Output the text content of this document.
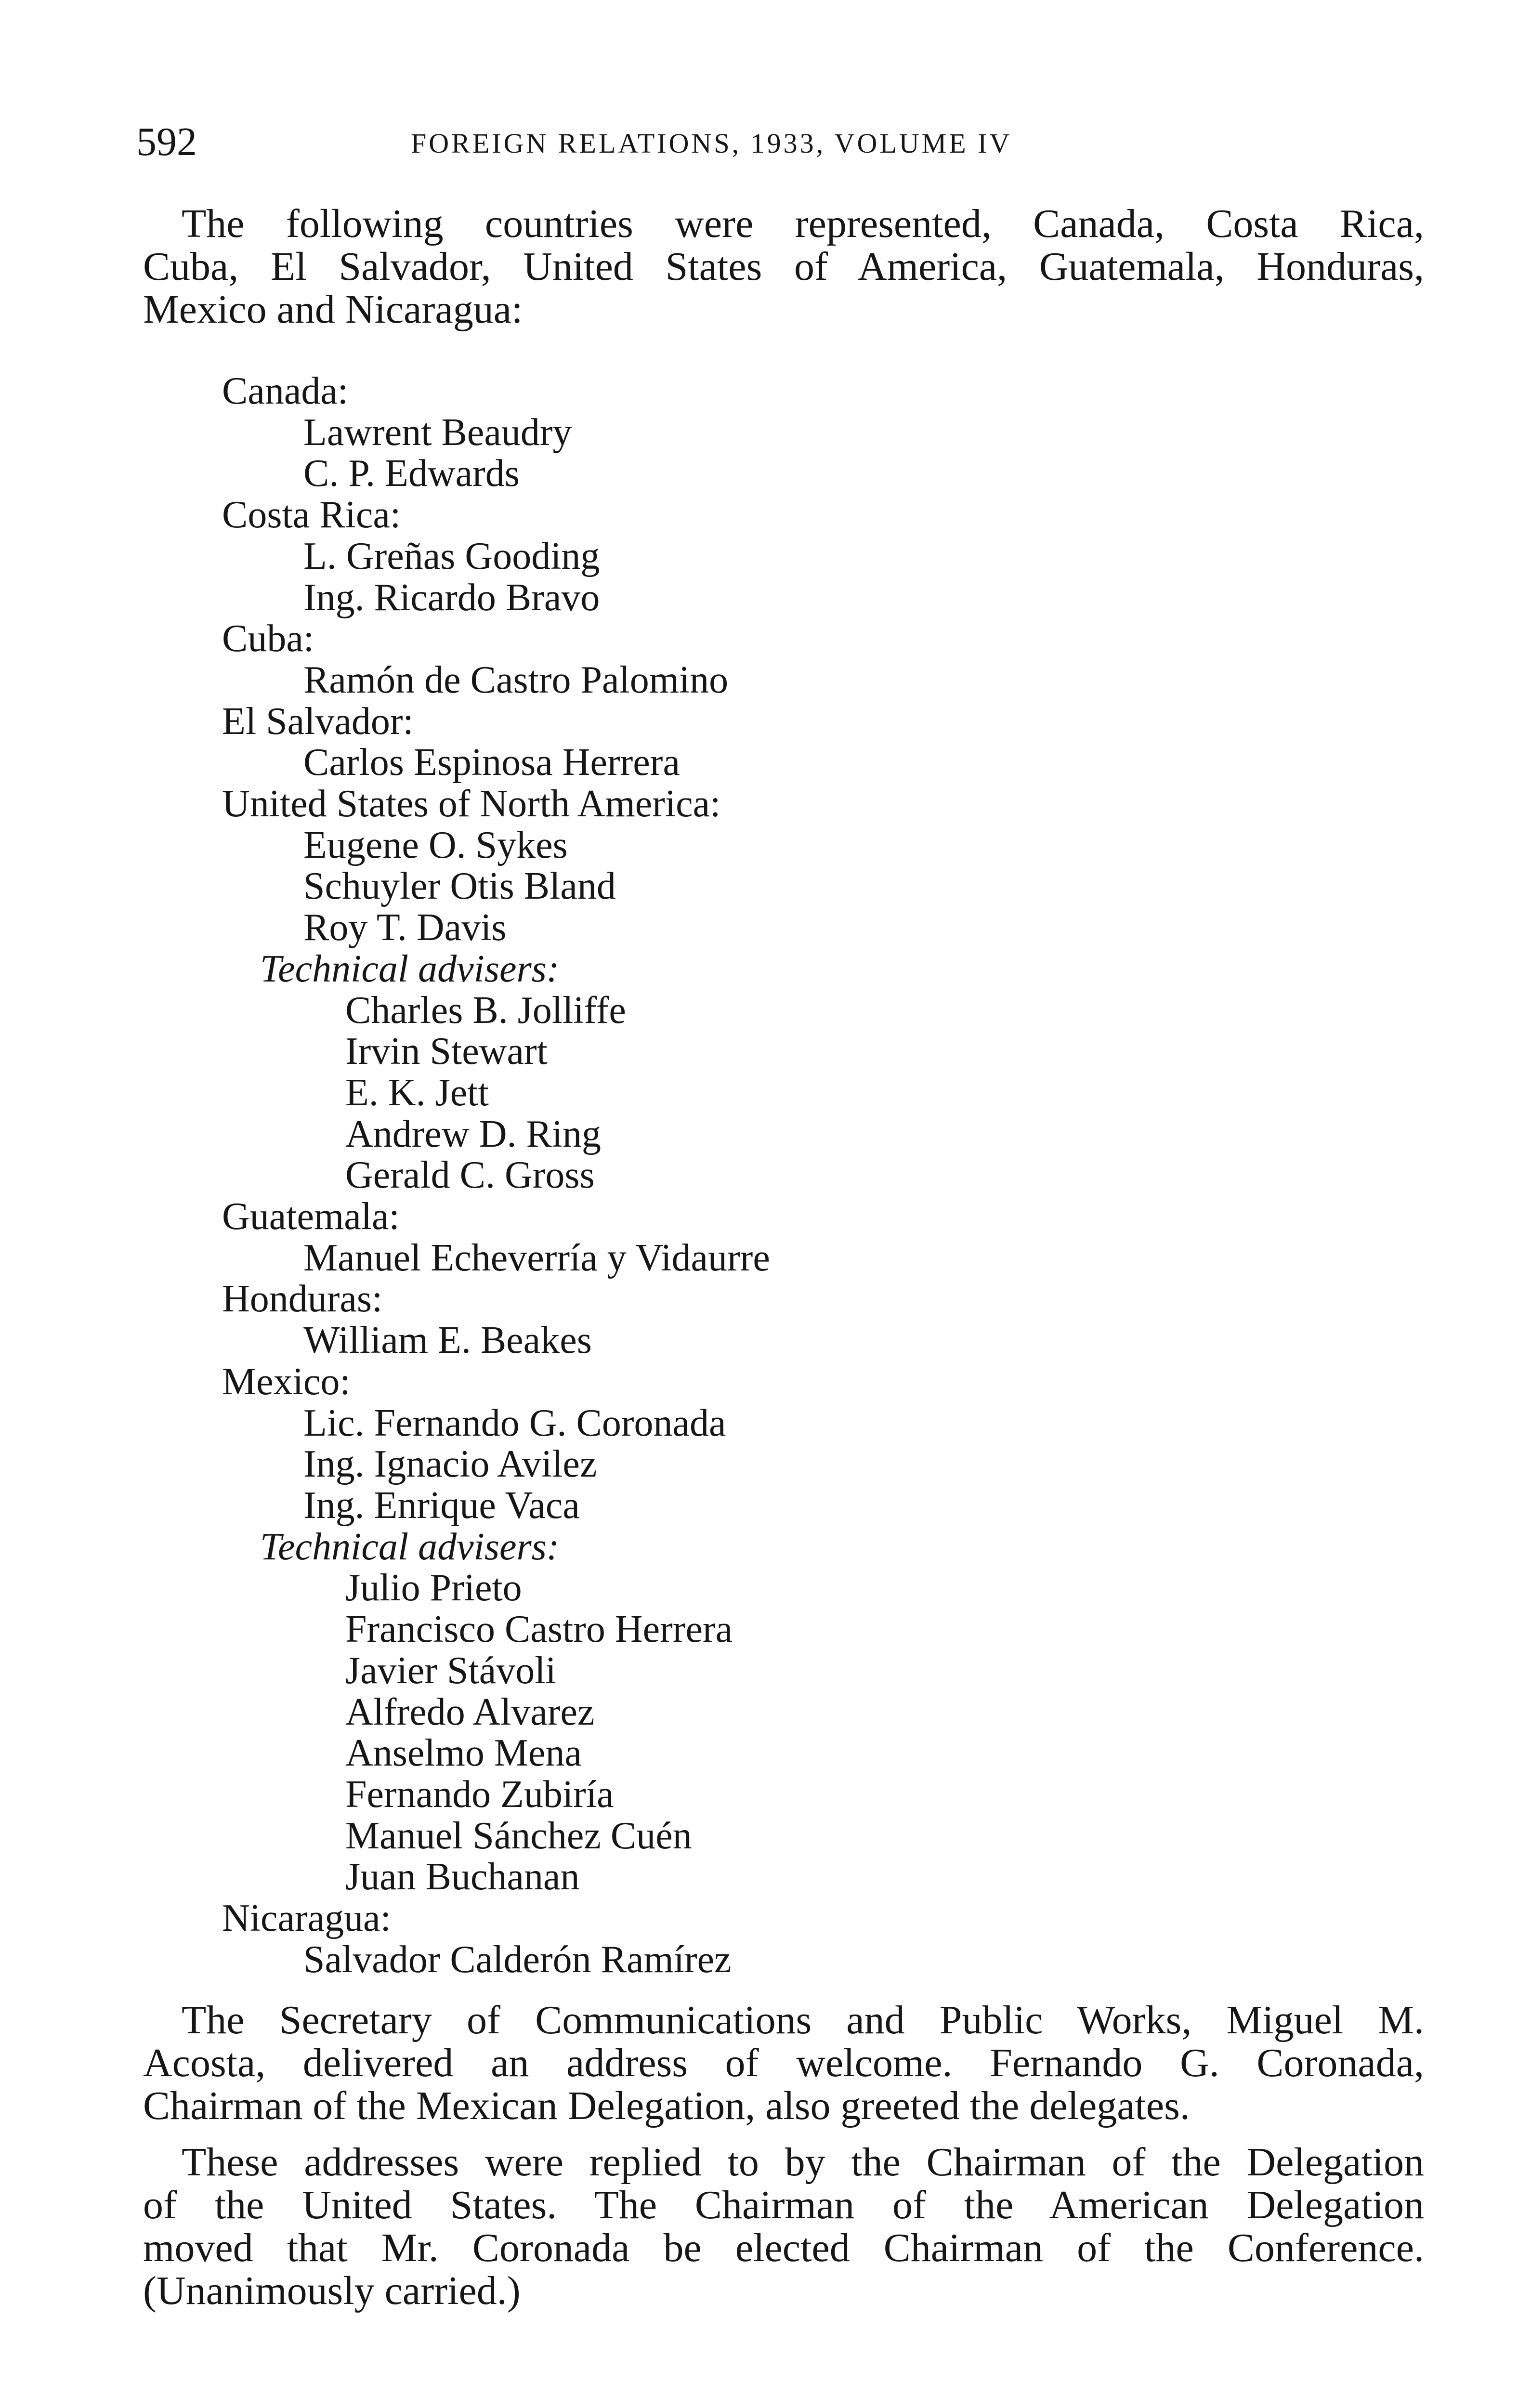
592	FOREIGN RELATIONS, 1933, VOLUME IV

The following countries were represented, Canada, Costa Rica,
Cuba, El Salvador, United States of America, Guatemala, Honduras,
Mexico and Nicaragua:

Canada:
Lawrent Beaudry
C. P. Edwards
Costa Rica:
L. Greñas Gooding
Ing. Ricardo Bravo
Cuba:
Ramón de Castro Palomino
El Salvador:
Carlos Espinosa Herrera
United States of North America:
Eugene O. Sykes
Schuyler Otis Bland
Roy T. Davis
Technical advisers:
Charles B. Jolliffe
Irvin Stewart
E. K. Jett
Andrew D. Ring
Gerald C. Gross
Guatemala:
Manuel Echeverría y Vidaurre
Honduras:
William E. Beakes
Mexico:
Lic. Fernando G. Coronada
Ing. Ignacio Avilez
Ing. Enrique Vaca
Technical advisers:
Julio Prieto
Francisco Castro Herrera
Javier Stávoli
Alfredo Alvarez
Anselmo Mena
Fernando Zubiría
Manuel Sánchez Cuén
Juan Buchanan
Nicaragua:
Salvador Calderón Ramírez

The Secretary of Communications and Public Works, Miguel M.
Acosta, delivered an address of welcome. Fernando G. Coronada,
Chairman of the Mexican Delegation, also greeted the delegates.

These addresses were replied to by the Chairman of the Delegation
of the United States. The Chairman of the American Delegation
moved that Mr. Coronada be elected Chairman of the Conference.
(Unanimously carried.)
